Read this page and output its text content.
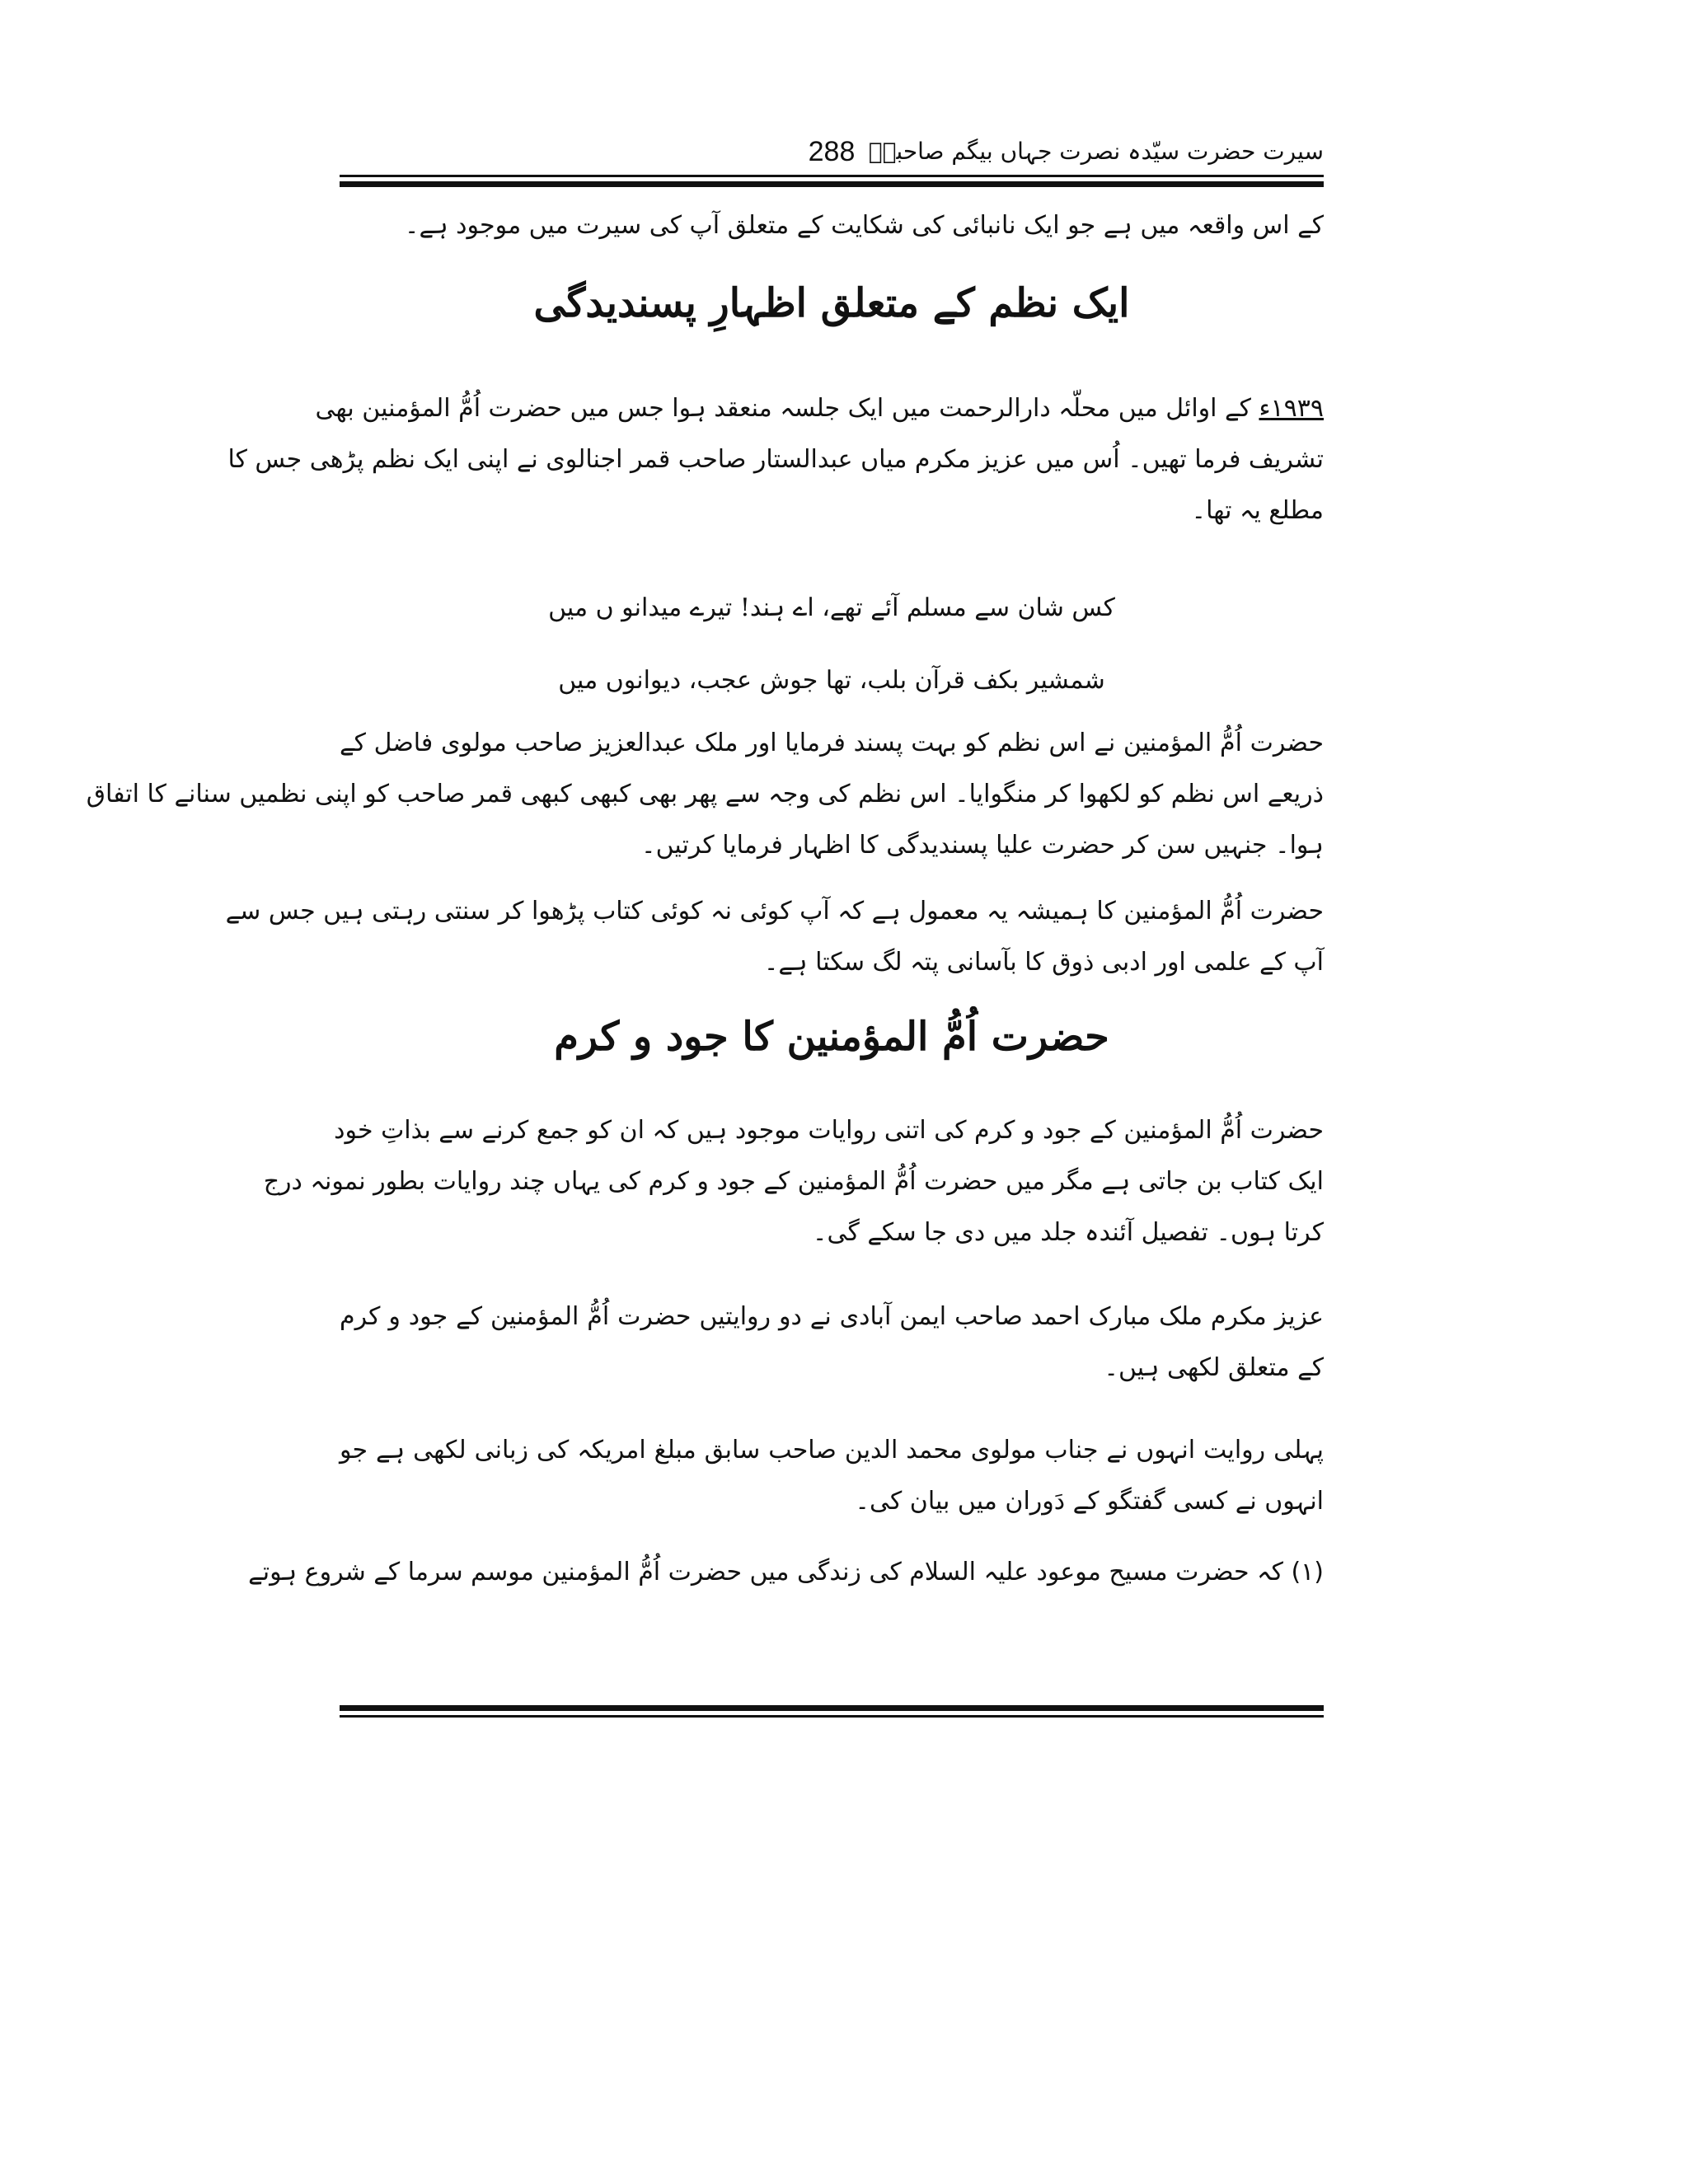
سیرت حضرت سیّدہ نصرت جہاں بیگم صاحبہؓ
288
کے اس واقعہ میں ہے جو ایک نانبائی کی شکایت کے متعلق آپ کی سیرت میں موجود ہے۔
ایک نظم کے متعلق اظہارِ پسندیدگی
۱۹۳۹ء کے اوائل میں محلّہ دارالرحمت میں ایک جلسہ منعقد ہوا جس میں حضرت اُمُّ المؤمنین بھی
تشریف فرما تھیں۔ اُس میں عزیز مکرم میاں عبدالستار صاحب قمر اجنالوی نے اپنی ایک نظم پڑھی جس کا
مطلع یہ تھا۔
کس شان سے مسلم آئے تھے، اے ہند! تیرے میدانو ں میں
شمشیر بکف قرآن بلب، تھا جوش عجب، دیوانوں میں
حضرت اُمُّ المؤمنین نے اس نظم کو بہت پسند فرمایا اور ملک عبدالعزیز صاحب مولوی فاضل کے
ذریعے اس نظم کو لکھوا کر منگوایا۔ اس نظم کی وجہ سے پھر بھی کبھی کبھی قمر صاحب کو اپنی نظمیں سنانے کا اتفاق
ہوا۔ جنہیں سن کر حضرت علیا پسندیدگی کا اظہار فرمایا کرتیں۔
حضرت اُمُّ المؤمنین کا ہمیشہ یہ معمول ہے کہ آپ کوئی نہ کوئی کتاب پڑھوا کر سنتی رہتی ہیں جس سے
آپ کے علمی اور ادبی ذوق کا بآسانی پتہ لگ سکتا ہے۔
حضرت اُمُّ المؤمنین کا جود و کرم
حضرت اُمُّ المؤمنین کے جود و کرم کی اتنی روایات موجود ہیں کہ ان کو جمع کرنے سے بذاتِ خود
ایک کتاب بن جاتی ہے مگر میں حضرت اُمُّ المؤمنین کے جود و کرم کی یہاں چند روایات بطور نمونہ درج
کرتا ہوں۔ تفصیل آئندہ جلد میں دی جا سکے گی۔
عزیز مکرم ملک مبارک احمد صاحب ایمن آبادی نے دو روایتیں حضرت اُمُّ المؤمنین کے جود و کرم
کے متعلق لکھی ہیں۔
پہلی روایت انہوں نے جناب مولوی محمد الدین صاحب سابق مبلغ امریکہ کی زبانی لکھی ہے جو
انہوں نے کسی گفتگو کے دَوران میں بیان کی۔
(۱) کہ حضرت مسیح موعود علیہ السلام کی زندگی میں حضرت اُمُّ المؤمنین موسم سرما کے شروع ہوتے
